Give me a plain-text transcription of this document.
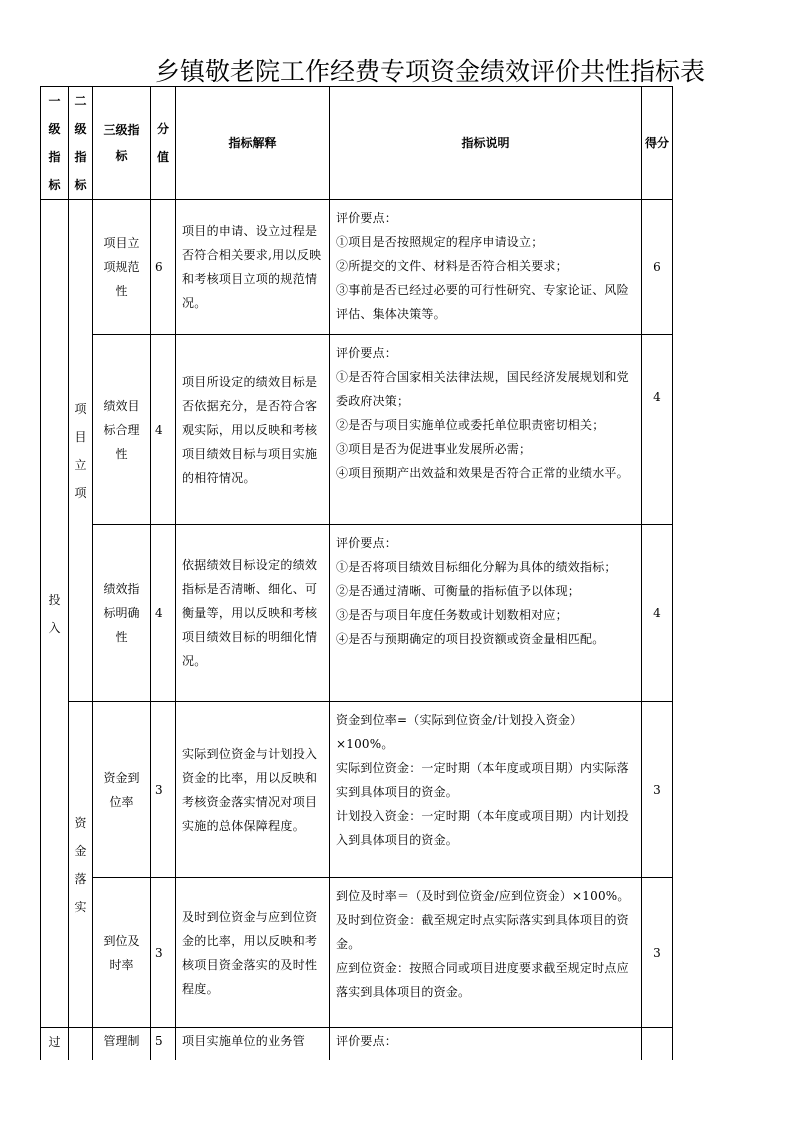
乡镇敬老院工作经费专项资金绩效评价共性指标表
一级指标	二级指标	三级指标	分值	指标解释	指标说明	得分
投入	项目立项	项目立项规范性	6	项目的申请、设立过程是否符合相关要求,用以反映和考核项目立项的规范情况。	评价要点：
①项目是否按照规定的程序申请设立；
②所提交的文件、材料是否符合相关要求；
③事前是否已经过必要的可行性研究、专家论证、风险评估、集体决策等。	6
		绩效目标合理性	4	项目所设定的绩效目标是否依据充分，是否符合客观实际，用以反映和考核项目绩效目标与项目实施的相符情况。	评价要点：
①是否符合国家相关法律法规，国民经济发展规划和党委政府决策；
②是否与项目实施单位或委托单位职责密切相关；
③项目是否为促进事业发展所必需；
④项目预期产出效益和效果是否符合正常的业绩水平。	4
		绩效指标明确性	4	依据绩效目标设定的绩效指标是否清晰、细化、可衡量等，用以反映和考核项目绩效目标的明细化情况。	评价要点：
①是否将项目绩效目标细化分解为具体的绩效指标；
②是否通过清晰、可衡量的指标值予以体现；
③是否与项目年度任务数或计划数相对应；
④是否与预期确定的项目投资额或资金量相匹配。	4
	资金落实	资金到位率	3	实际到位资金与计划投入资金的比率，用以反映和考核资金落实情况对项目实施的总体保障程度。	资金到位率=（实际到位资金/计划投入资金）×100%。
实际到位资金：一定时期（本年度或项目期）内实际落实到具体项目的资金。
计划投入资金：一定时期（本年度或项目期）内计划投入到具体项目的资金。	3
		到位及时率	3	及时到位资金与应到位资金的比率，用以反映和考核项目资金落实的及时性程度。	到位及时率＝（及时到位资金/应到位资金）×100%。
及时到位资金：截至规定时点实际落实到具体项目的资金。
应到位资金：按照合同或项目进度要求截至规定时点应落实到具体项目的资金。	3
过		管理制	5	项目实施单位的业务管	评价要点：	
